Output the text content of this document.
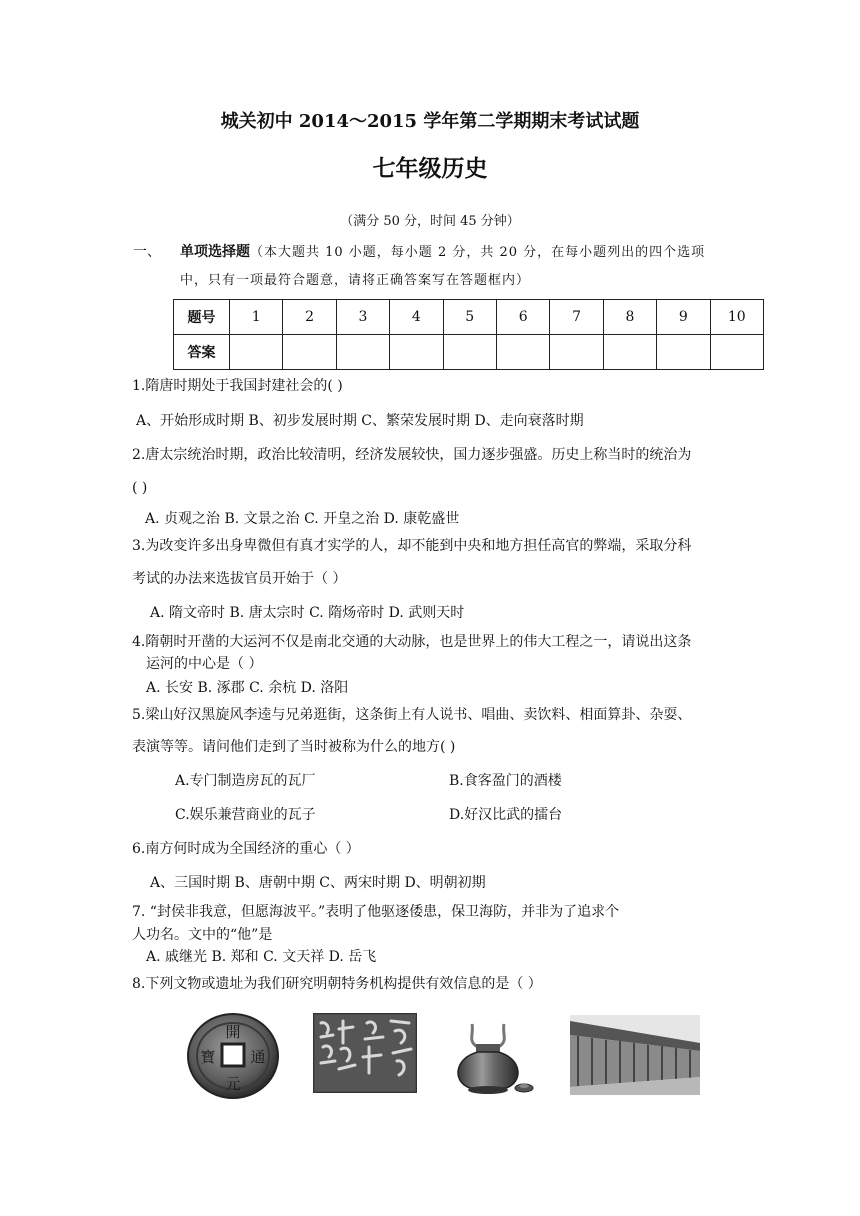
城关初中 2014～2015 学年第二学期期末考试试题
七年级历史
（满分 50 分，时间 45 分钟）
一、 单项选择题（本大题共 10 小题，每小题 2 分，共 20 分，在每小题列出的四个选项
中，只有一项最符合题意，请将正确答案写在答题框内）
题号	1	2	3	4	5	6	7	8	9	10
答案										
1.隋唐时期处于我国封建社会的( )
A、开始形成时期 B、初步发展时期 C、繁荣发展时期 D、走向衰落时期
2.唐太宗统治时期，政治比较清明，经济发展较快，国力逐步强盛。历史上称当时的统治为
( )
A. 贞观之治 B. 文景之治 C. 开皇之治 D. 康乾盛世
3.为改变许多出身卑微但有真才实学的人，却不能到中央和地方担任高官的弊端，采取分科
考试的办法来选拔官员开始于（ ）
A. 隋文帝时 B. 唐太宗时 C. 隋炀帝时 D. 武则天时
4.隋朝时开凿的大运河不仅是南北交通的大动脉，也是世界上的伟大工程之一，请说出这条
运河的中心是（ ）
A. 长安 B. 涿郡 C. 余杭 D. 洛阳
5.梁山好汉黑旋风李逵与兄弟逛街，这条街上有人说书、唱曲、卖饮料、相面算卦、杂耍、
表演等等。请问他们走到了当时被称为什么的地方( )
A.专门制造房瓦的瓦厂	B.食客盈门的酒楼
C.娱乐兼营商业的瓦子	D.好汉比武的擂台
6.南方何时成为全国经济的重心（ ）
A、三国时期 B、唐朝中期 C、两宋时期 D、明朝初期
7. “封侯非我意，但愿海波平。”表明了他驱逐倭患，保卫海防，并非为了追求个
人功名。文中的“他”是
A. 戚继光 B. 郑和 C. 文天祥 D. 岳飞
8.下列文物或遗址为我们研究明朝特务机构提供有效信息的是（ ）
開
元
寶 通
